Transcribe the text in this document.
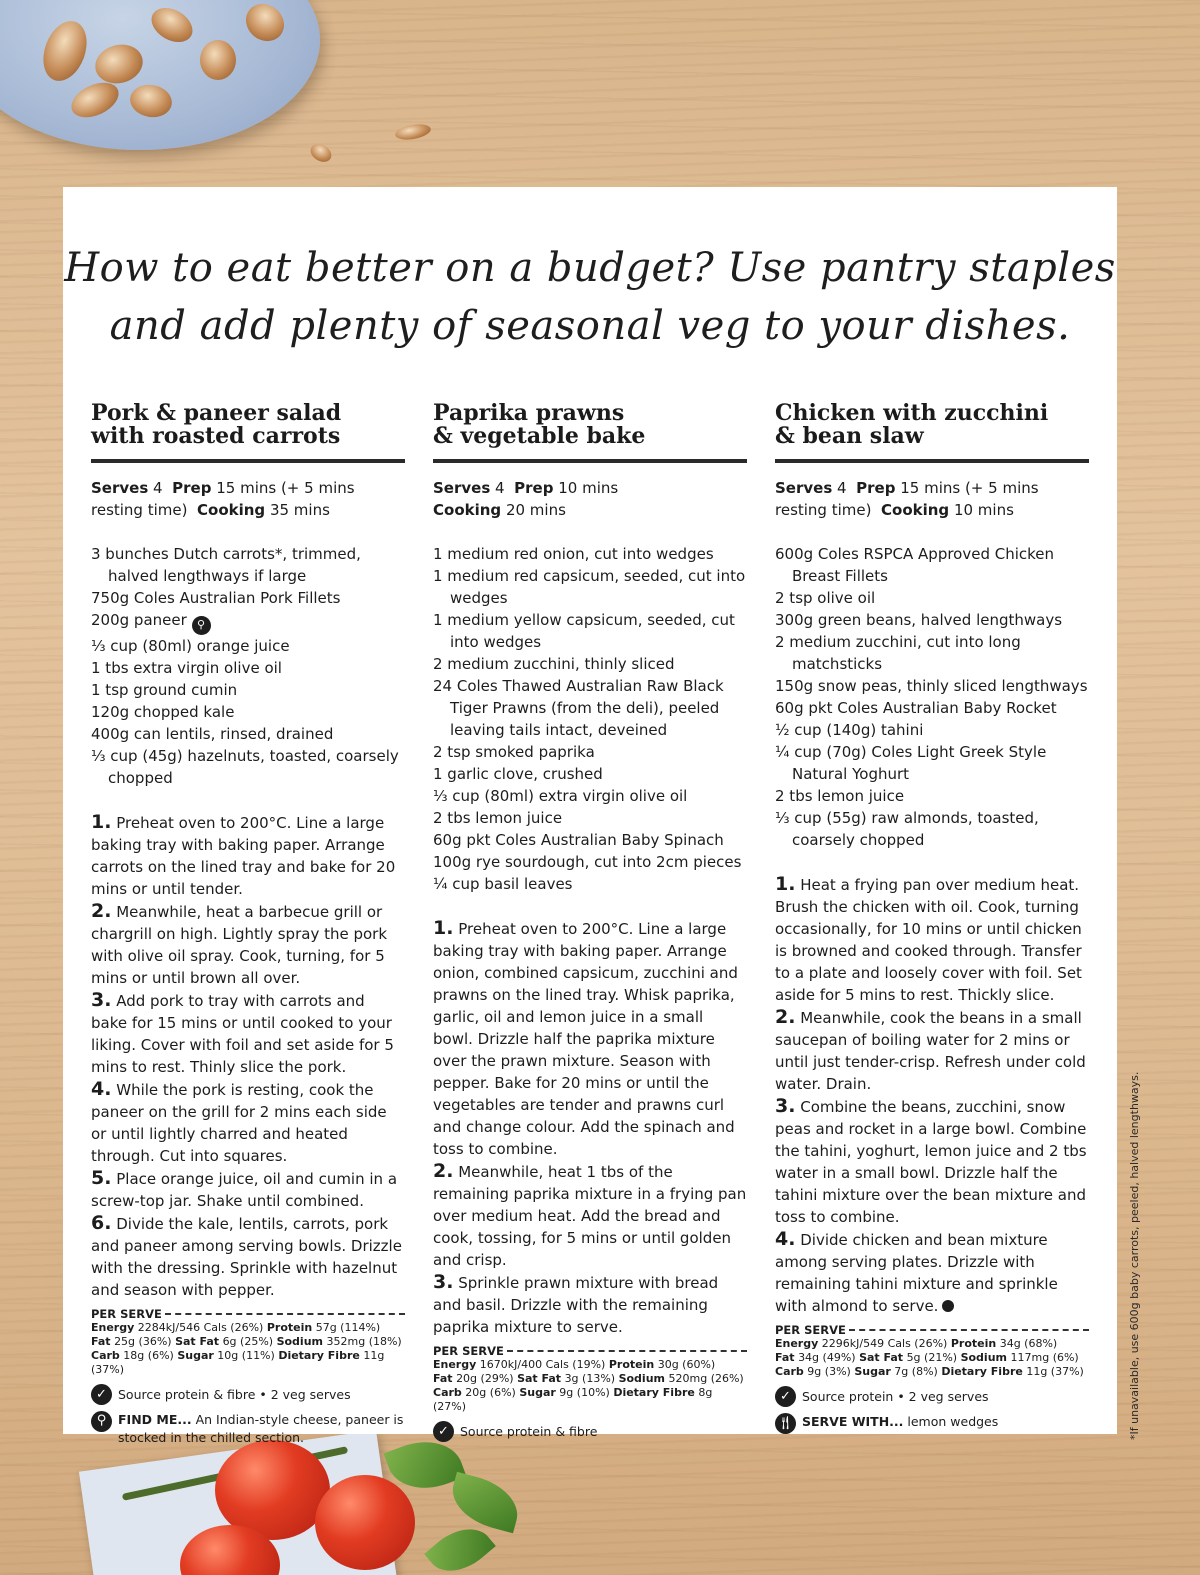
How to eat better on a budget? Use pantry staples
and add plenty of seasonal veg to your dishes.
Pork & paneer salad
with roasted carrots

Serves 4 Prep 15 mins (+ 5 mins resting time) Cooking 35 mins

3 bunches Dutch carrots*, trimmed, halved lengthways if large
750g Coles Australian Pork Fillets
200g paneer ⚲
⅓ cup (80ml) orange juice
1 tbs extra virgin olive oil
1 tsp ground cumin
120g chopped kale
400g can lentils, rinsed, drained
⅓ cup (45g) hazelnuts, toasted, coarsely chopped

1. Preheat oven to 200°C. Line a large baking tray with baking paper. Arrange carrots on the lined tray and bake for 20 mins or until tender.

2. Meanwhile, heat a barbecue grill or chargrill on high. Lightly spray the pork with olive oil spray. Cook, turning, for 5 mins or until brown all over.

3. Add pork to tray with carrots and bake for 15 mins or until cooked to your liking. Cover with foil and set aside for 5 mins to rest. Thinly slice the pork.

4. While the pork is resting, cook the paneer on the grill for 2 mins each side or until lightly charred and heated through. Cut into squares.

5. Place orange juice, oil and cumin in a screw-top jar. Shake until combined.

6. Divide the kale, lentils, carrots, pork and paneer among serving bowls. Drizzle with the dressing. Sprinkle with hazelnut and season with pepper.

PER SERVE
Energy 2284kJ/546 Cals (26%) Protein 57g (114%)
Fat 25g (36%) Sat Fat 6g (25%) Sodium 352mg (18%)
Carb 18g (6%) Sugar 10g (11%) Dietary Fibre 11g (37%)
✓ Source protein & fibre • 2 veg serves
⚲ FIND ME... An Indian-style cheese, paneer is stocked in the chilled section.
Paprika prawns
& vegetable bake

Serves 4 Prep 10 mins
Cooking 20 mins

1 medium red onion, cut into wedges
1 medium red capsicum, seeded, cut into wedges
1 medium yellow capsicum, seeded, cut into wedges
2 medium zucchini, thinly sliced
24 Coles Thawed Australian Raw Black Tiger Prawns (from the deli), peeled leaving tails intact, deveined
2 tsp smoked paprika
1 garlic clove, crushed
⅓ cup (80ml) extra virgin olive oil
2 tbs lemon juice
60g pkt Coles Australian Baby Spinach
100g rye sourdough, cut into 2cm pieces
¼ cup basil leaves

1. Preheat oven to 200°C. Line a large baking tray with baking paper. Arrange onion, combined capsicum, zucchini and prawns on the lined tray. Whisk paprika, garlic, oil and lemon juice in a small bowl. Drizzle half the paprika mixture over the prawn mixture. Season with pepper. Bake for 20 mins or until the vegetables are tender and prawns curl and change colour. Add the spinach and toss to combine.

2. Meanwhile, heat 1 tbs of the remaining paprika mixture in a frying pan over medium heat. Add the bread and cook, tossing, for 5 mins or until golden and crisp.

3. Sprinkle prawn mixture with bread and basil. Drizzle with the remaining paprika mixture to serve.

PER SERVE
Energy 1670kJ/400 Cals (19%) Protein 30g (60%)
Fat 20g (29%) Sat Fat 3g (13%) Sodium 520mg (26%)
Carb 20g (6%) Sugar 9g (10%) Dietary Fibre 8g (27%)
✓ Source protein & fibre
Chicken with zucchini
& bean slaw

Serves 4 Prep 15 mins (+ 5 mins resting time) Cooking 10 mins

600g Coles RSPCA Approved Chicken Breast Fillets
2 tsp olive oil
300g green beans, halved lengthways
2 medium zucchini, cut into long matchsticks
150g snow peas, thinly sliced lengthways
60g pkt Coles Australian Baby Rocket
½ cup (140g) tahini
¼ cup (70g) Coles Light Greek Style Natural Yoghurt
2 tbs lemon juice
⅓ cup (55g) raw almonds, toasted, coarsely chopped

1. Heat a frying pan over medium heat. Brush the chicken with oil. Cook, turning occasionally, for 10 mins or until chicken is browned and cooked through. Transfer to a plate and loosely cover with foil. Set aside for 5 mins to rest. Thickly slice.

2. Meanwhile, cook the beans in a small saucepan of boiling water for 2 mins or until just tender-crisp. Refresh under cold water. Drain.

3. Combine the beans, zucchini, snow peas and rocket in a large bowl. Combine the tahini, yoghurt, lemon juice and 2 tbs water in a small bowl. Drizzle half the tahini mixture over the bean mixture and toss to combine.

4. Divide chicken and bean mixture among serving plates. Drizzle with remaining tahini mixture and sprinkle with almond to serve.

PER SERVE
Energy 2296kJ/549 Cals (26%) Protein 34g (68%)
Fat 34g (49%) Sat Fat 5g (21%) Sodium 117mg (6%)
Carb 9g (3%) Sugar 7g (8%) Dietary Fibre 11g (37%)
✓ Source protein • 2 veg serves
🍴︎ SERVE WITH... lemon wedges	*If unavailable, use 600g baby carrots, peeled, halved lengthways.
